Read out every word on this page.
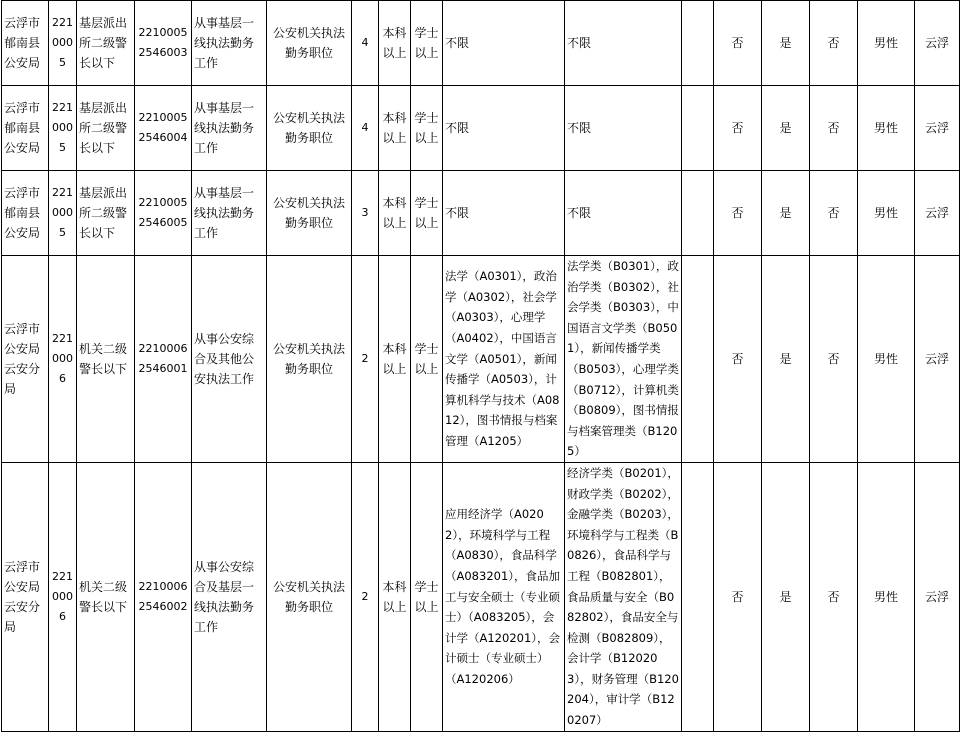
云浮市郁南县公安局	2210005	基层派出所二级警长以下	22100052546003	从事基层一线执法勤务工作	公安机关执法勤务职位	4	本科以上	学士以上	不限	不限		否	是	否	男性	云浮
云浮市郁南县公安局	2210005	基层派出所二级警长以下	22100052546004	从事基层一线执法勤务工作	公安机关执法勤务职位	4	本科以上	学士以上	不限	不限		否	是	否	男性	云浮
云浮市郁南县公安局	2210005	基层派出所二级警长以下	22100052546005	从事基层一线执法勤务工作	公安机关执法勤务职位	3	本科以上	学士以上	不限	不限		否	是	否	男性	云浮
云浮市公安局云安分局	2210006	机关二级警长以下	22100062546001	从事公安综合及其他公安执法工作	公安机关执法勤务职位	2	本科以上	学士以上	法学（A0301），政治学（A0302），社会学（A0303），心理学（A0402），中国语言文学（A0501），新闻传播学（A0503），计算机科学与技术（A0812），图书情报与档案管理（A1205）	法学类（B0301），政治学类（B0302），社会学类（B0303），中国语言文学类（B0501），新闻传播学类（B0503），心理学类（B0712），计算机类（B0809），图书情报与档案管理类（B1205）		否	是	否	男性	云浮
云浮市公安局云安分局	2210006	机关二级警长以下	22100062546002	从事公安综合及基层一线执法勤务工作	公安机关执法勤务职位	2	本科以上	学士以上	应用经济学（A0202），环境科学与工程（A0830），食品科学（A083201），食品加工与安全硕士（专业硕士）（A083205），会计学（A120201），会计硕士（专业硕士）（A120206）	经济学类（B0201），财政学类（B0202），金融学类（B0203），环境科学与工程类（B0826），食品科学与工程（B082801），食品质量与安全（B082802），食品安全与检测（B082809），会计学（B120203），财务管理（B120204），审计学（B120207）		否	是	否	男性	云浮
